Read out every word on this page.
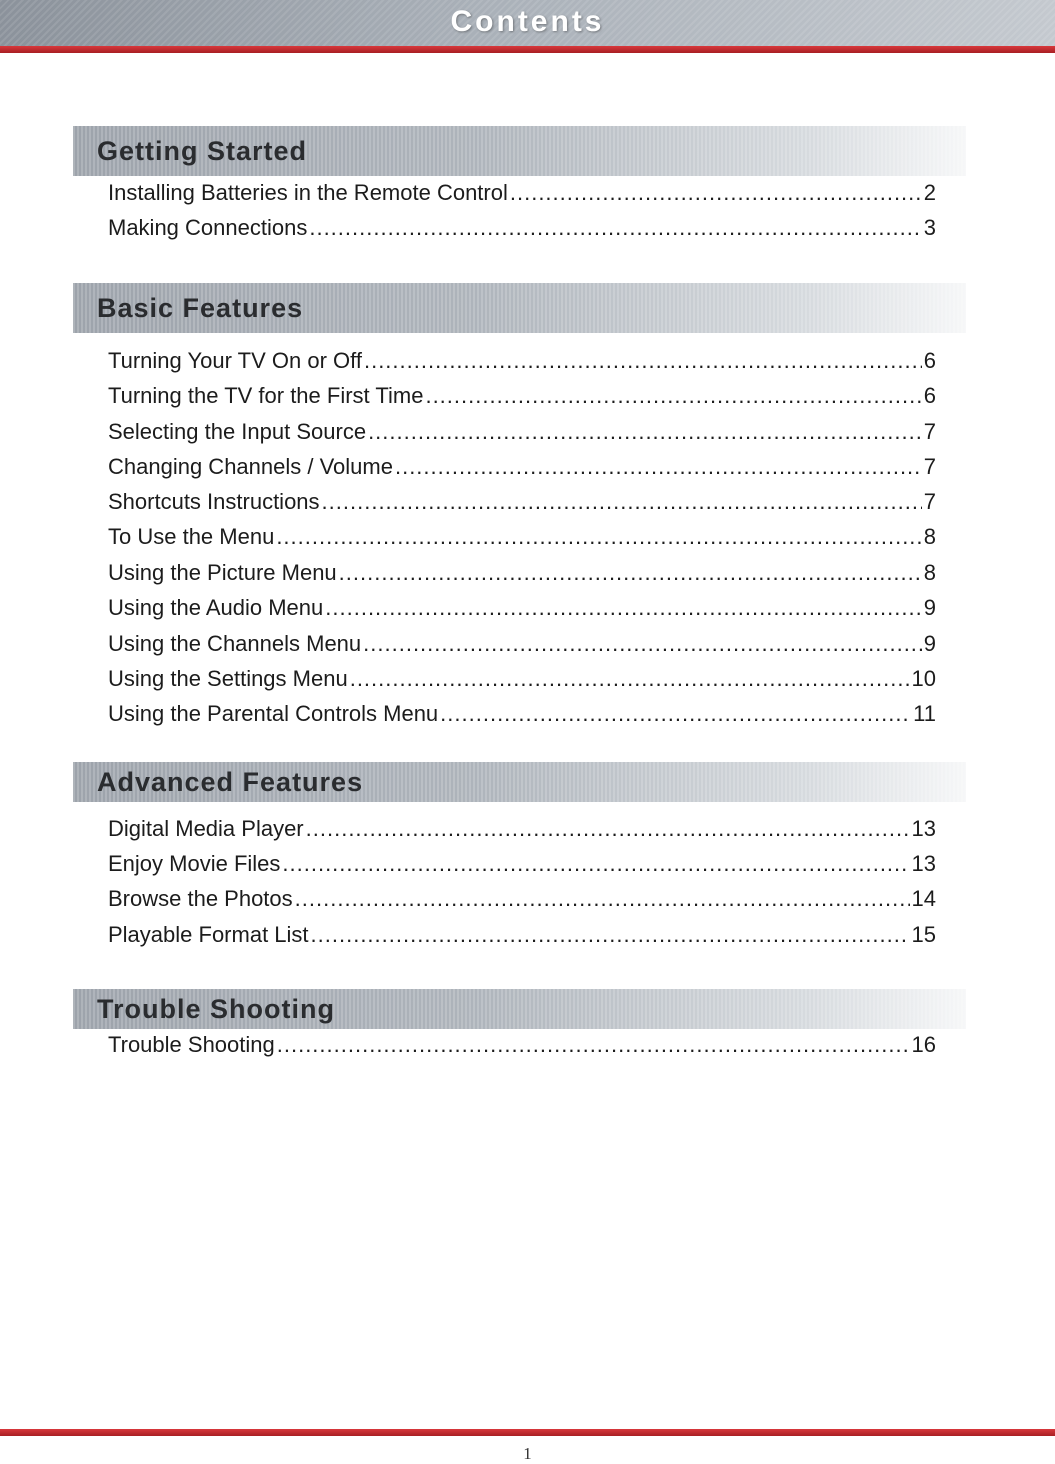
Contents
Getting Started
Installing Batteries in the Remote Control .....	2
Making Connections .....	3
Basic Features
Turning Your TV On or Off .....	6
Turning the TV for the First Time .....	6
Selecting the Input Source .....	7
Changing Channels / Volume .....	7
Shortcuts Instructions .....	7
To Use the Menu .....	8
Using the Picture Menu .....	8
Using the Audio Menu .....	9
Using the Channels Menu .....	9
Using the Settings Menu .....	10
Using the Parental Controls Menu .....	11
Advanced Features
Digital Media Player .....	13
Enjoy Movie Files .....	13
Browse the Photos .....	14
Playable Format List .....	15
Trouble Shooting
Trouble Shooting .....	16
1
